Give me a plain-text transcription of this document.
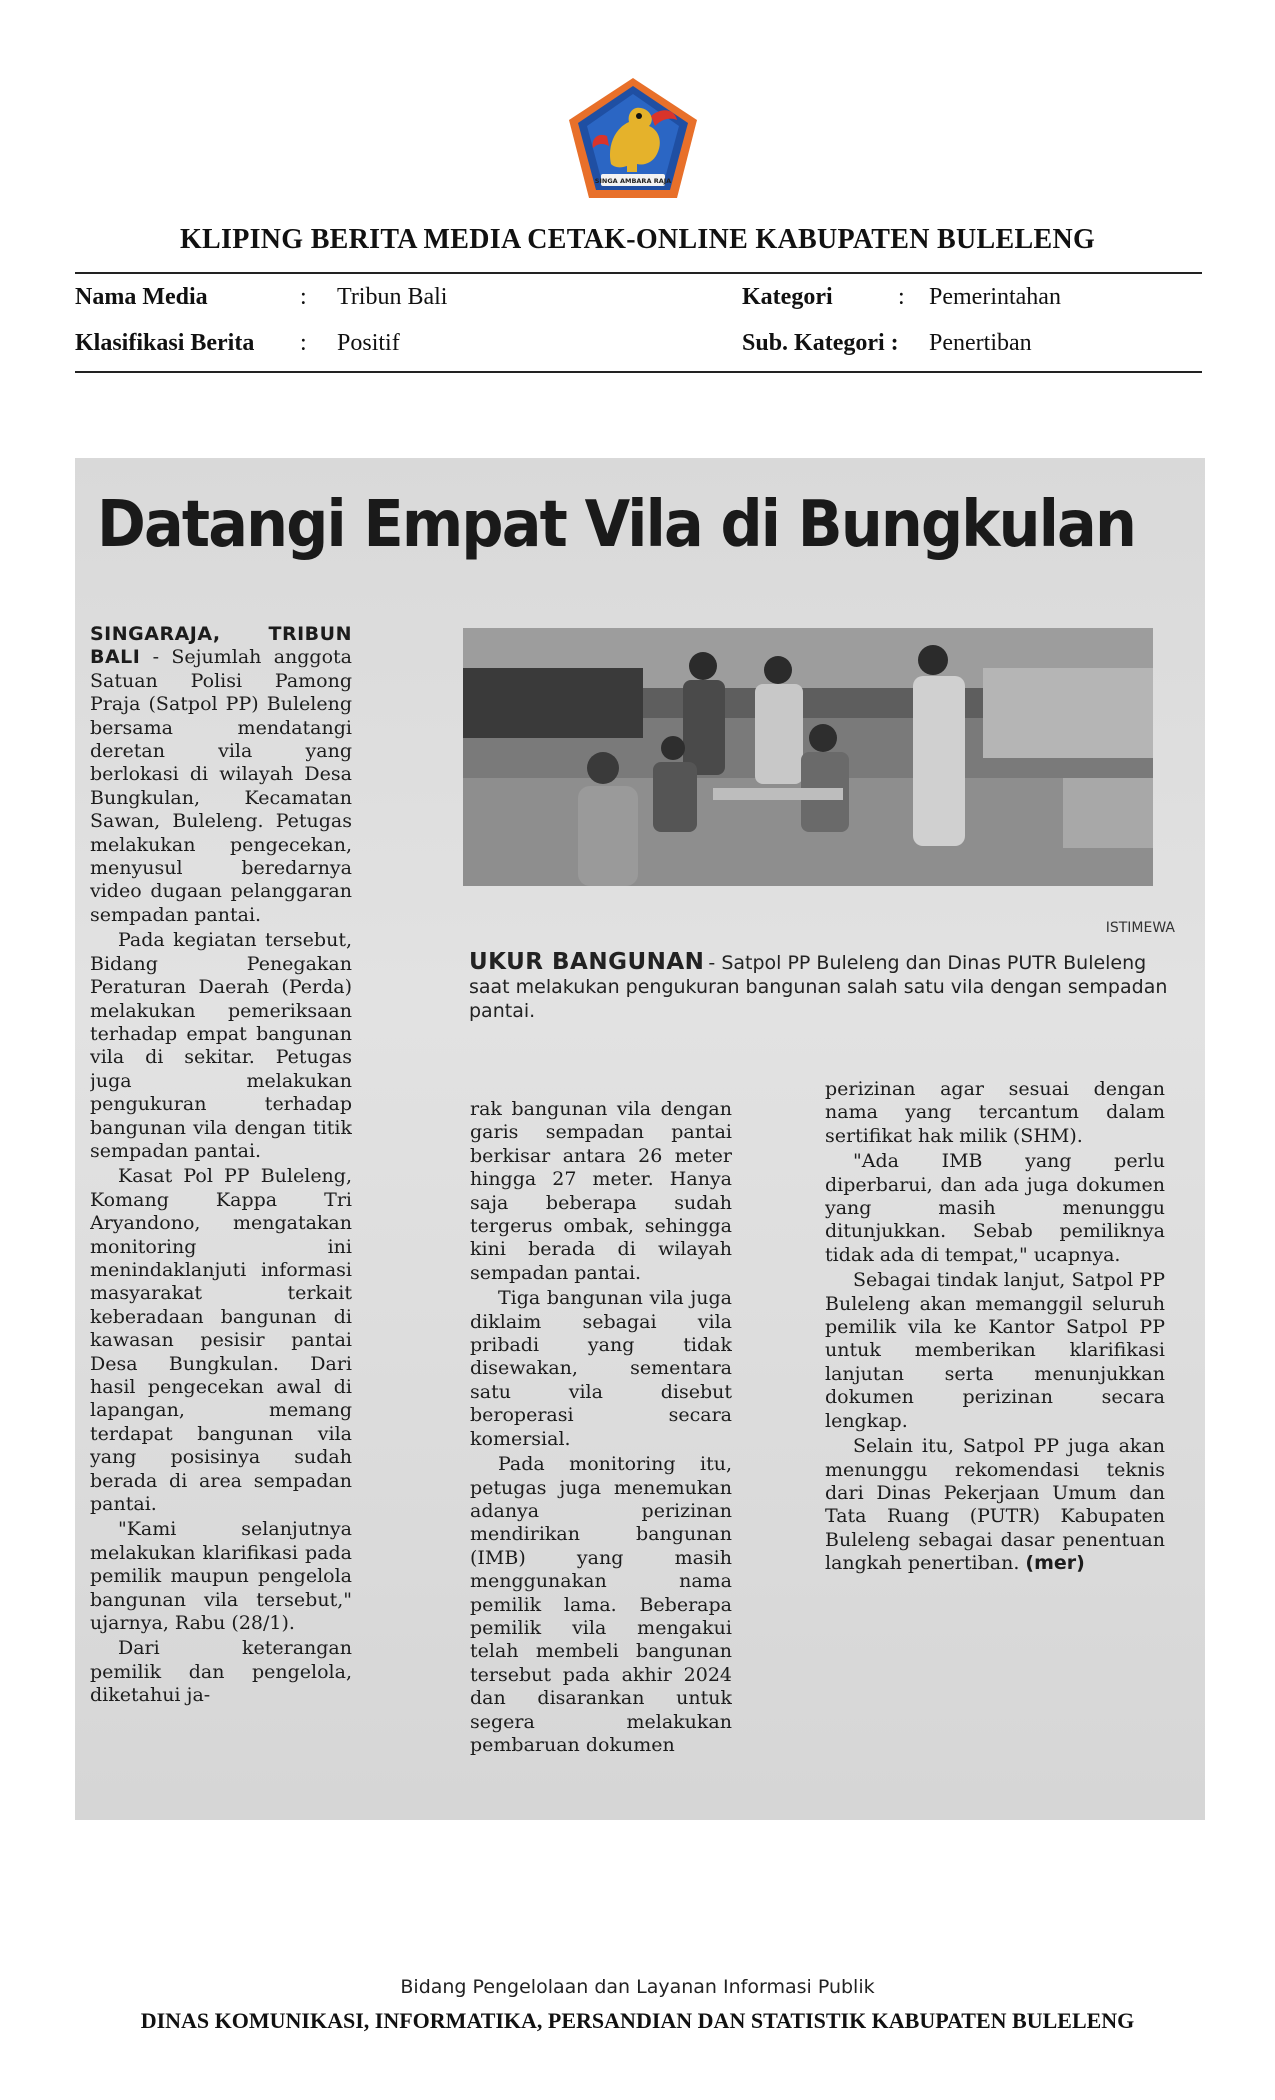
SINGA AMBARA RAJA
KLIPING BERITA MEDIA CETAK-ONLINE KABUPATEN BULELENG
Nama Media	: Tribun Bali	Kategori	: Pemerintahan
Klasifikasi Berita : Positif	Sub. Kategori : Penertiban
Datangi Empat Vila di Bungkulan
ISTIMEWA
UKUR BANGUNAN - Satpol PP Buleleng dan Dinas PUTR Buleleng saat melakukan pengukuran bangunan salah satu vila dengan sempadan pantai.

SINGARAJA, TRIBUN BALI - Sejumlah anggota Satuan Polisi Pamong Praja (Satpol PP) Buleleng bersama mendatangi deretan vila yang berlokasi di wilayah Desa Bungkulan, Kecamatan Sawan, Buleleng. Petugas melakukan pengecekan, menyusul beredarnya video dugaan pelanggaran sempadan pantai.

Pada kegiatan tersebut, Bidang Penegakan Peraturan Daerah (Perda) melakukan pemeriksaan terhadap empat bangunan vila di sekitar. Petugas juga melakukan pengukuran terhadap bangunan vila dengan titik sempadan pantai.

Kasat Pol PP Buleleng, Komang Kappa Tri Aryandono, mengatakan monitoring ini menindaklanjuti informasi masyarakat terkait keberadaan bangunan di kawasan pesisir pantai Desa Bungkulan. Dari hasil pengecekan awal di lapangan, memang terdapat bangunan vila yang posisinya sudah berada di area sempadan pantai.

"Kami selanjutnya melakukan klarifikasi pada pemilik maupun pengelola bangunan vila tersebut," ujarnya, Rabu (28/1).

Dari keterangan pemilik dan pengelola, diketahui ja-

rak bangunan vila dengan garis sempadan pantai berkisar antara 26 meter hingga 27 meter. Hanya saja beberapa sudah tergerus ombak, sehingga kini berada di wilayah sempadan pantai.

Tiga bangunan vila juga diklaim sebagai vila pribadi yang tidak disewakan, sementara satu vila disebut beroperasi secara komersial.

Pada monitoring itu, petugas juga menemukan adanya perizinan mendirikan bangunan (IMB) yang masih menggunakan nama pemilik lama. Beberapa pemilik vila mengakui telah membeli bangunan tersebut pada akhir 2024 dan disarankan untuk segera melakukan pembaruan dokumen

perizinan agar sesuai dengan nama yang tercantum dalam sertifikat hak milik (SHM).

"Ada IMB yang perlu diperbarui, dan ada juga dokumen yang masih menunggu ditunjukkan. Sebab pemiliknya tidak ada di tempat," ucapnya.

Sebagai tindak lanjut, Satpol PP Buleleng akan memanggil seluruh pemilik vila ke Kantor Satpol PP untuk memberikan klarifikasi lanjutan serta menunjukkan dokumen perizinan secara lengkap.

Selain itu, Satpol PP juga akan menunggu rekomendasi teknis dari Dinas Pekerjaan Umum dan Tata Ruang (PUTR) Kabupaten Buleleng sebagai dasar penentuan langkah penertiban. (mer)

Bidang Pengelolaan dan Layanan Informasi Publik
DINAS KOMUNIKASI, INFORMATIKA, PERSANDIAN DAN STATISTIK KABUPATEN BULELENG
